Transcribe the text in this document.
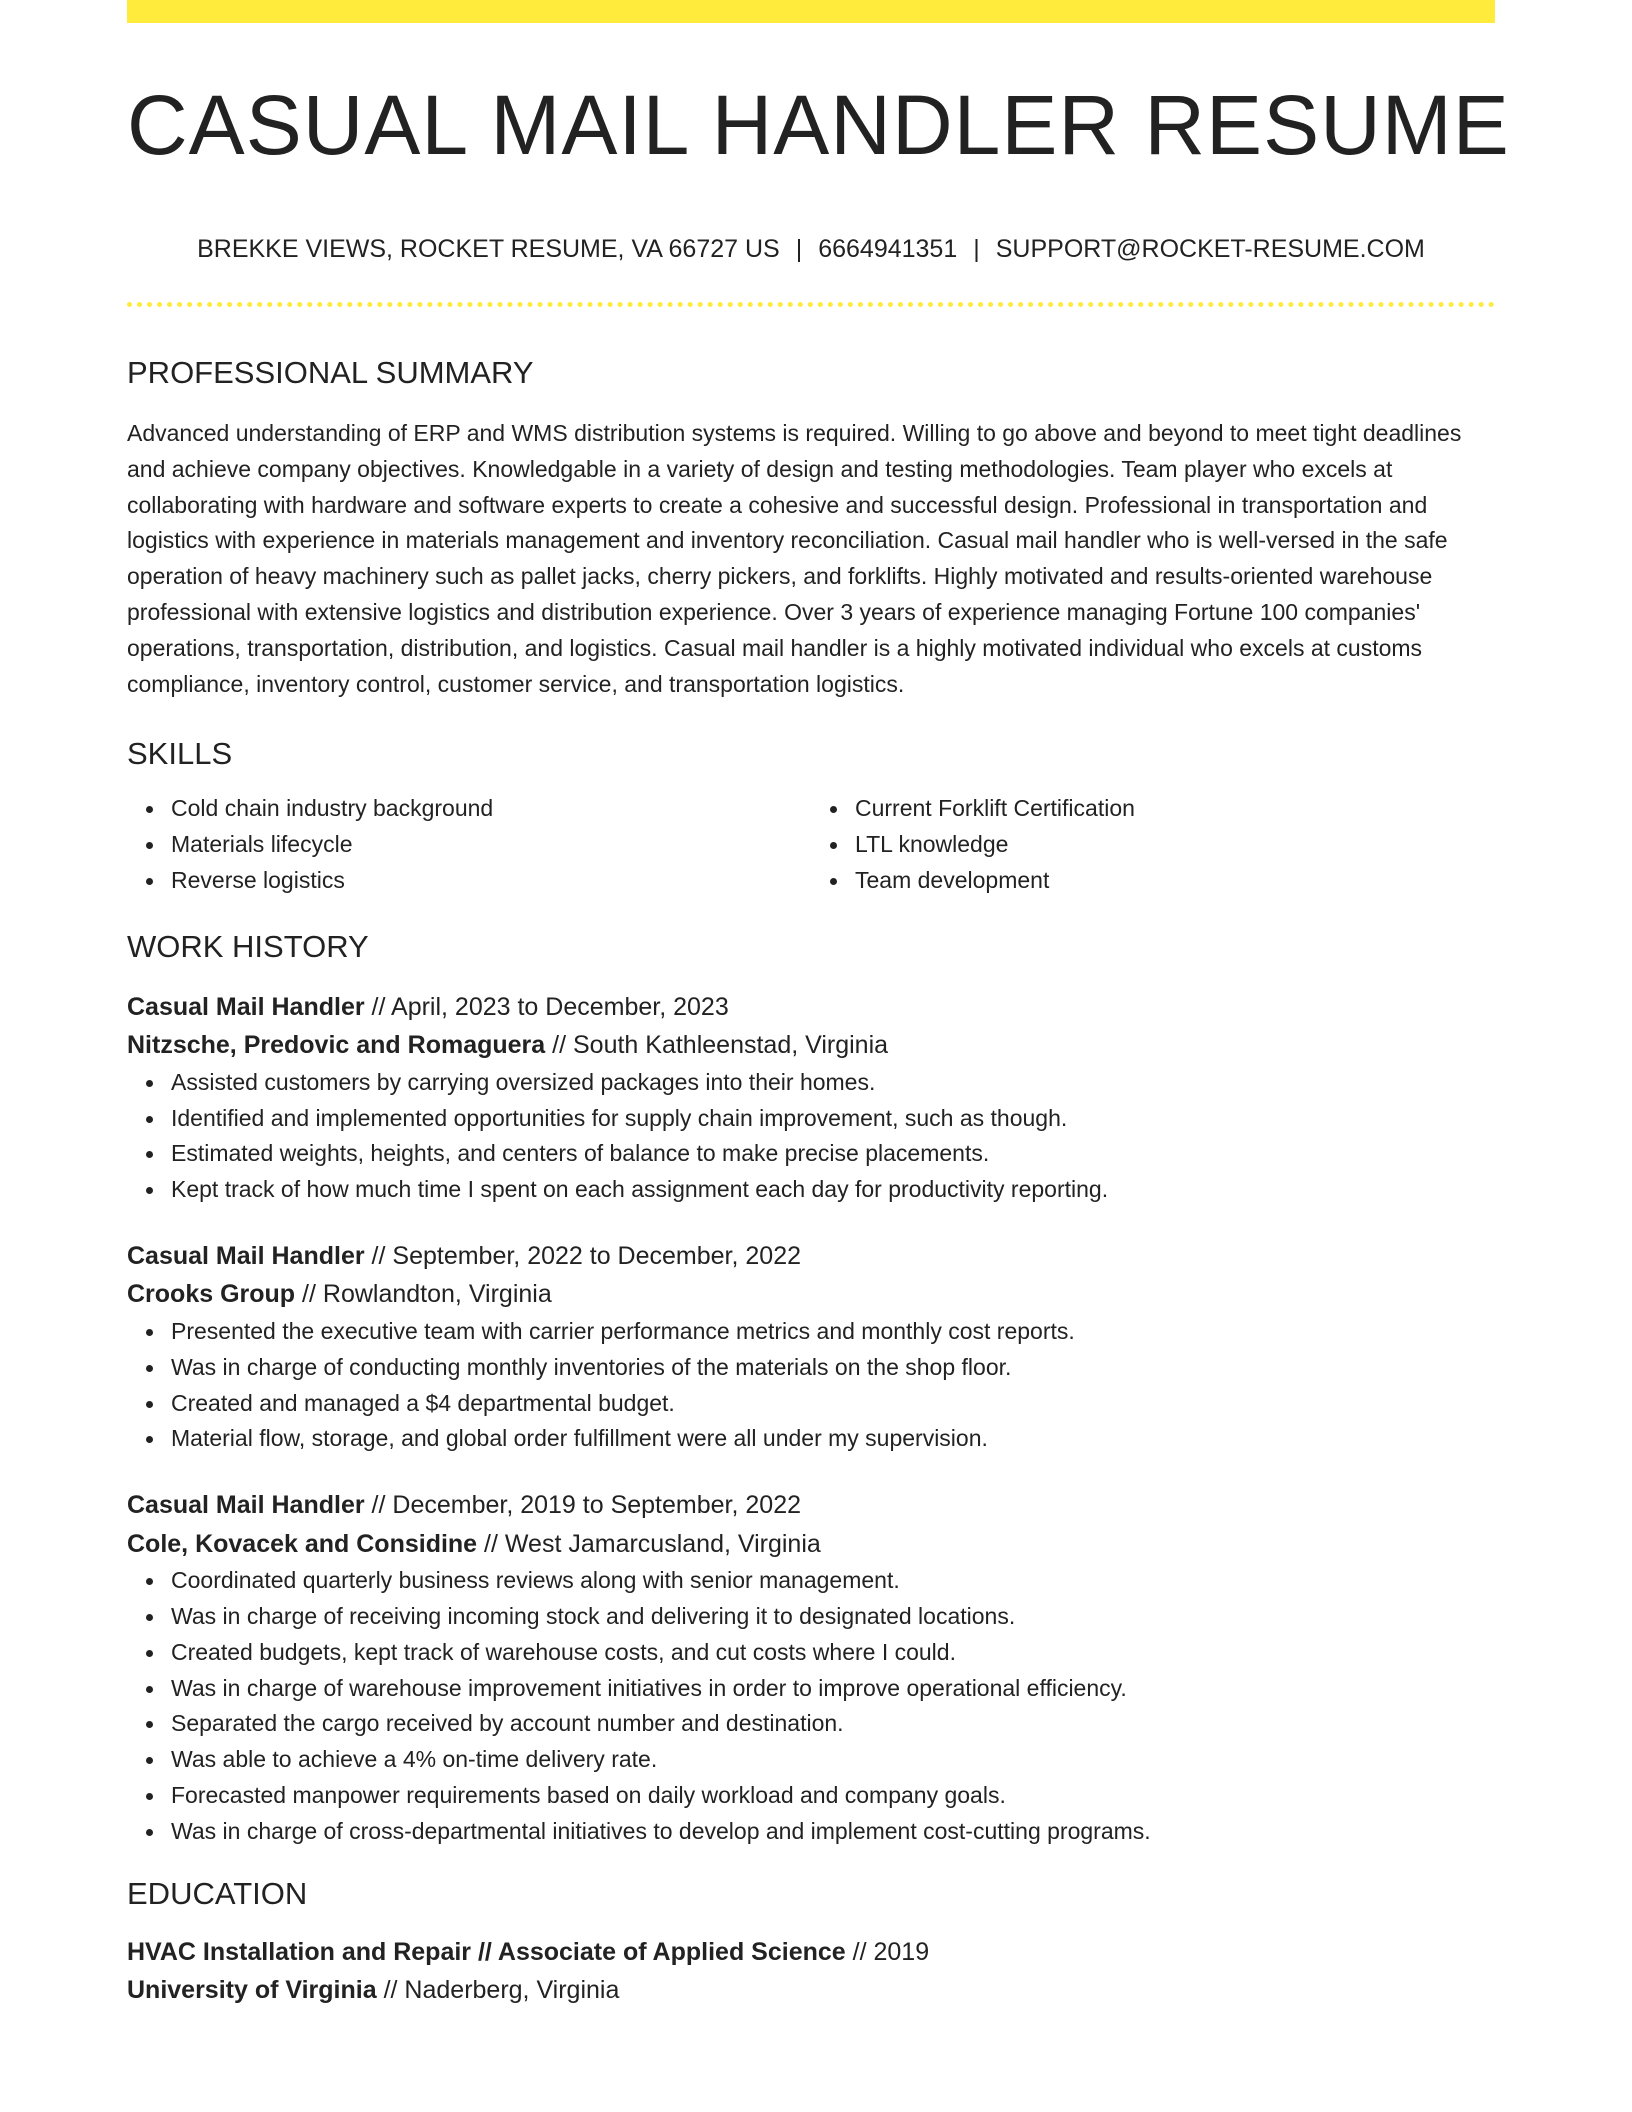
CASUAL MAIL HANDLER RESUME
BREKKE VIEWS, ROCKET RESUME, VA 66727 US | 6664941351 | SUPPORT@ROCKET-RESUME.COM
PROFESSIONAL SUMMARY

Advanced understanding of ERP and WMS distribution systems is required. Willing to go above and beyond to meet tight deadlines and achieve company objectives. Knowledgable in a variety of design and testing methodologies. Team player who excels at collaborating with hardware and software experts to create a cohesive and successful design. Professional in transportation and logistics with experience in materials management and inventory reconciliation. Casual mail handler who is well-versed in the safe operation of heavy machinery such as pallet jacks, cherry pickers, and forklifts. Highly motivated and results-oriented warehouse professional with extensive logistics and distribution experience. Over 3 years of experience managing Fortune 100 companies' operations, transportation, distribution, and logistics. Casual mail handler is a highly motivated individual who excels at customs compliance, inventory control, customer service, and transportation logistics.

SKILLS
Cold chain industry background
Materials lifecycle
Reverse logistics
Current Forklift Certification
LTL knowledge
Team development
WORK HISTORY
Casual Mail Handler // April, 2023 to December, 2023
Nitzsche, Predovic and Romaguera // South Kathleenstad, Virginia
Assisted customers by carrying oversized packages into their homes.
Identified and implemented opportunities for supply chain improvement, such as though.
Estimated weights, heights, and centers of balance to make precise placements.
Kept track of how much time I spent on each assignment each day for productivity reporting.
Casual Mail Handler // September, 2022 to December, 2022
Crooks Group // Rowlandton, Virginia
Presented the executive team with carrier performance metrics and monthly cost reports.
Was in charge of conducting monthly inventories of the materials on the shop floor.
Created and managed a $4 departmental budget.
Material flow, storage, and global order fulfillment were all under my supervision.
Casual Mail Handler // December, 2019 to September, 2022
Cole, Kovacek and Considine // West Jamarcusland, Virginia
Coordinated quarterly business reviews along with senior management.
Was in charge of receiving incoming stock and delivering it to designated locations.
Created budgets, kept track of warehouse costs, and cut costs where I could.
Was in charge of warehouse improvement initiatives in order to improve operational efficiency.
Separated the cargo received by account number and destination.
Was able to achieve a 4% on-time delivery rate.
Forecasted manpower requirements based on daily workload and company goals.
Was in charge of cross-departmental initiatives to develop and implement cost-cutting programs.
EDUCATION
HVAC Installation and Repair // Associate of Applied Science // 2019
University of Virginia // Naderberg, Virginia
